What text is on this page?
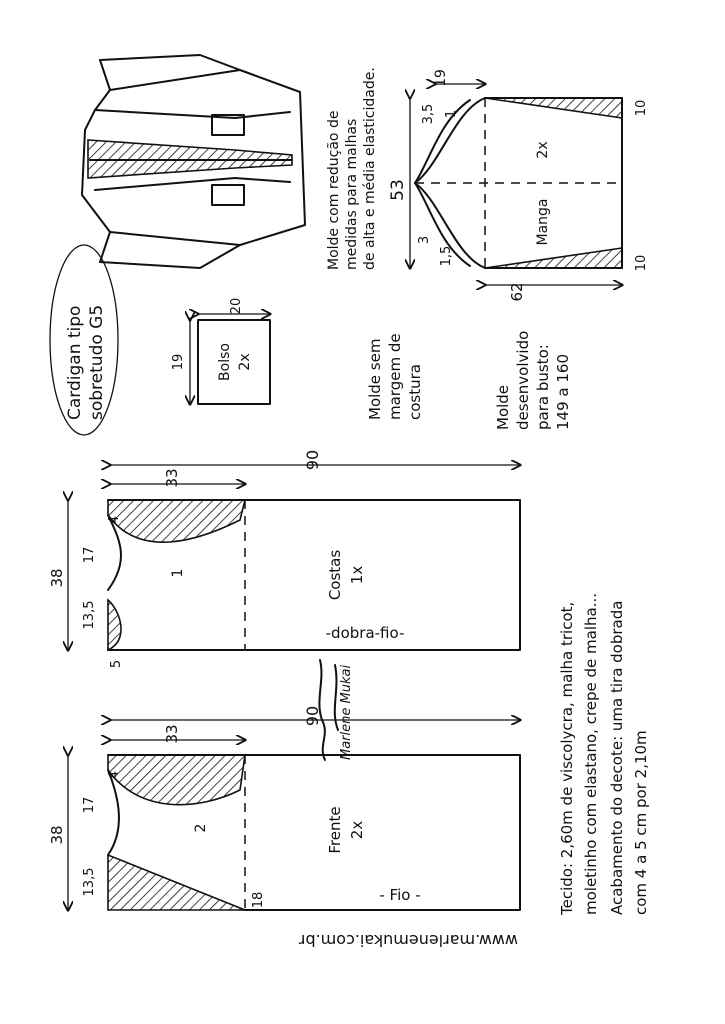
53
19
3,5 1
3
1,5
Manga
2x
62
10
10
Molde com redução de medidas para malhas de alta e média elasticidade.
Cardigan tipo sobretudo G5	20
19 Bolso 2x	Molde sem margem de costura	Molde desenvolvido para busto: 149 a 160
90
33
38
17
13,5
4
5
1	Costas 1x
-dobra-fio-
Marlene Mukai
90
33
38
17
13,5
4
18
2	Frente 2x
- Fio -	Tecido: 2,60m de viscolycra, malha tricot, moletinho com elastano, crepe de malha... Acabamento do decote: uma tira dobrada com 4 a 5 cm por 2,10m
www.marlenemukai.com.br
